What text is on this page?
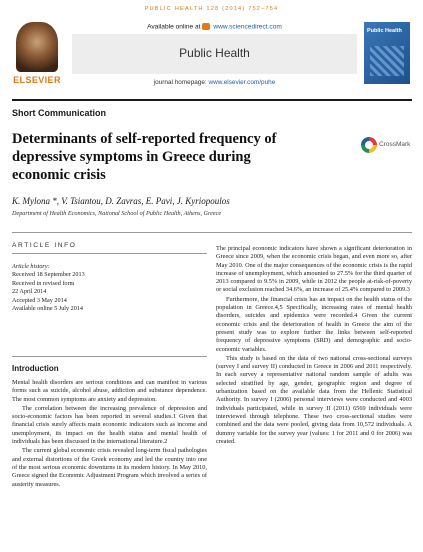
PUBLIC HEALTH 128 (2014) 752–754
ELSEVIER
Available online at www.sciencedirect.com
Public Health
journal homepage: www.elsevier.com/puhe
Public Health
Short Communication
Determinants of self-reported frequency of depressive symptoms in Greece during economic crisis
CrossMark
K. Mylona *, V. Tsiantou, D. Zavras, E. Pavi, J. Kyriopoulos
Department of Health Economics, National School of Public Health, Athens, Greece
ARTICLE INFO
Article history:
Received 18 September 2013
Received in revised form
22 April 2014
Accepted 3 May 2014
Available online 5 July 2014
Introduction

Mental health disorders are serious conditions and can manifest in various forms such as suicide, alcohol abuse, addiction and substance dependence. The most common symptoms are anxiety and depression.

The correlation between the increasing prevalence of depression and socio-economic factors has been reported in several studies.1 Given that financial crisis surely affects main economic indicators such as income and unemployment, its impact on the health status and mental health of individuals has been discussed in the international literature.2

The current global economic crisis revealed long-term fiscal pathologies and external distortions of the Greek economy and led the country into one of the most serious economic downturns in its modern history. In May 2010, Greece signed the Economic Adjustment Program which involved a series of austerity measures.

The principal economic indicators have shown a significant deterioration in Greece since 2009, when the economic crisis began, and even more so, after May 2010. One of the major consequences of the economic crisis is the rapid increase of unemployment, which amounted to 27.5% for the third quarter of 2013 compared to 9.5% in 2009, while in 2012 the people at-risk-of-poverty or social exclusion reached 34.6%, an increase of 25.4% compared to 2009.3

Furthermore, the financial crisis has an impact on the health status of the population in Greece.4,5 Specifically, increasing rates of mental health disorders, suicides and epidemics were recorded.4 Given the current economic crisis and the deterioration of health in Greece the aim of the present study was to explore further the links between self-reported frequency of depressive symptoms (SRD) and demographic and socio-economic variables.

This study is based on the data of two national cross-sectional surveys (survey I and survey II) conducted in Greece in 2006 and 2011 respectively. In each survey a representative national random sample of adults was selected stratified by age, gender, geographic region and degree of urbanization based on the available data from the Hellenic Statistical Authority. In survey I (2006) personal interviews were conducted and 4003 individuals participated, while in survey II (2011) 6569 individuals were interviewed through telephone. These two cross-sectional studies were combined and the data were pooled, giving data from 10,572 individuals. A dummy variable for the survey year (values: 1 for 2011 and 0 for 2006) was created.
